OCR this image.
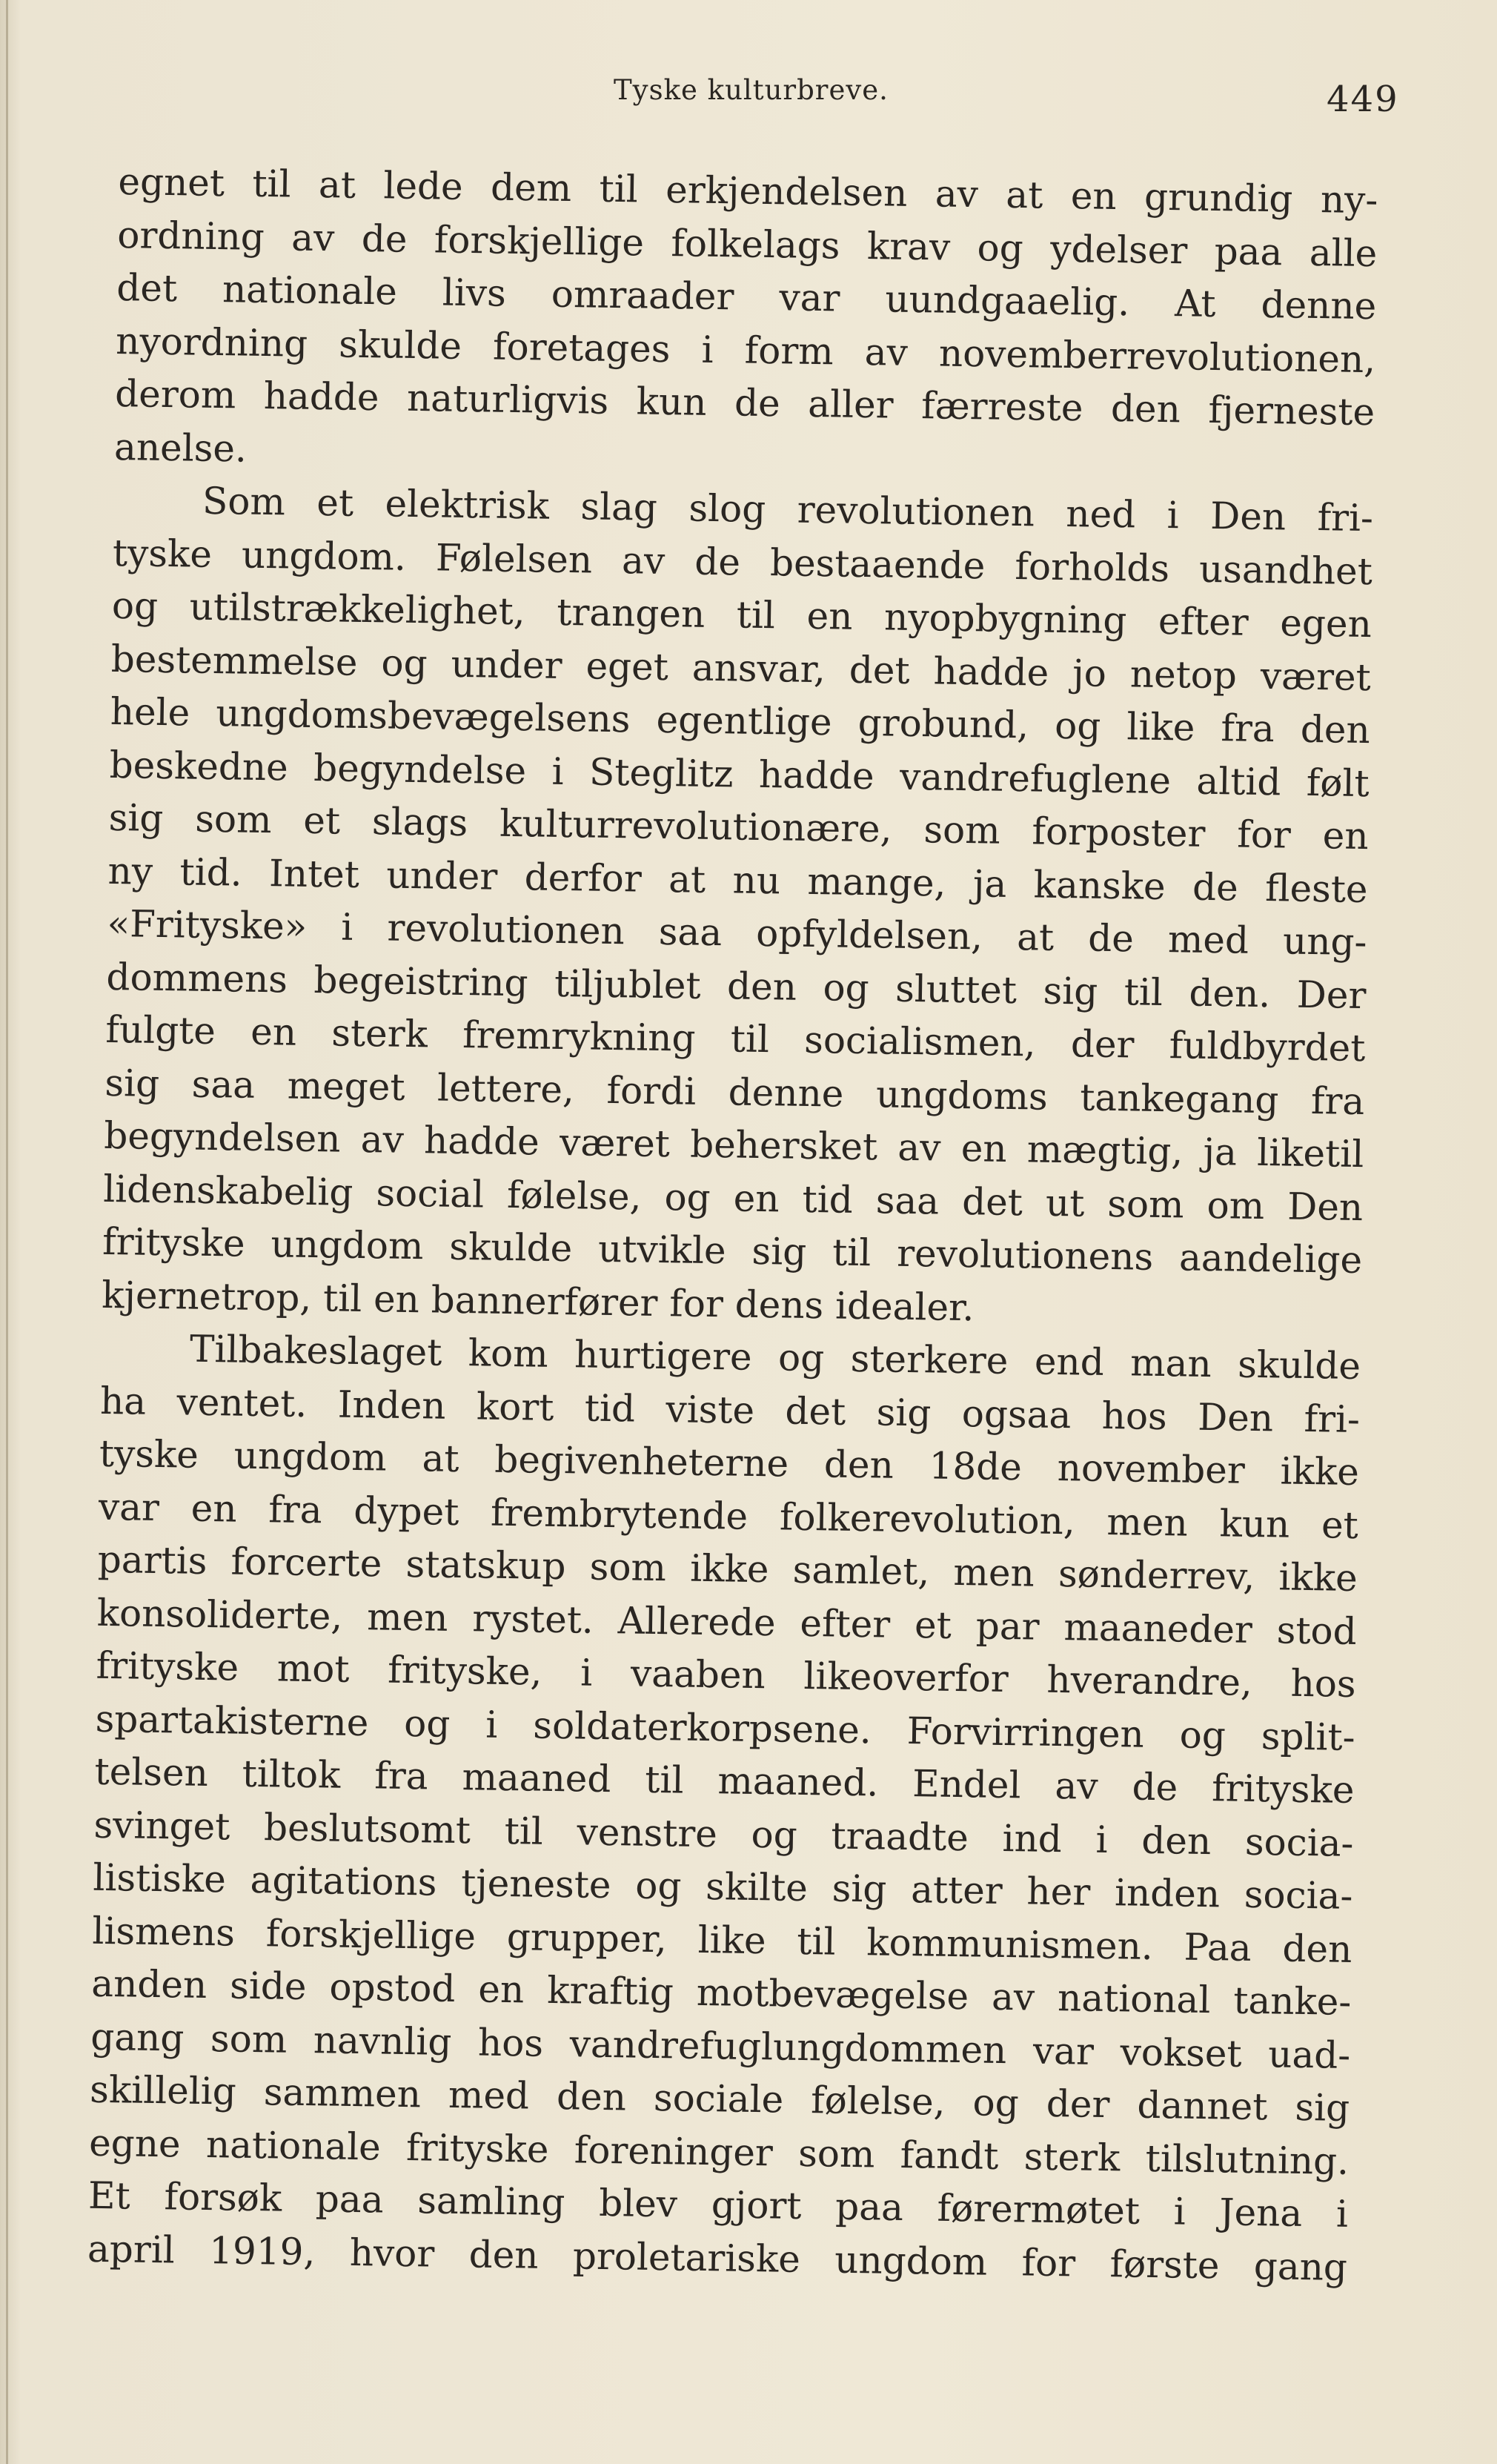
Tyske kulturbreve.	449
egnet til at lede dem til erkjendelsen av at en grundig ny-
ordning av de forskjellige folkelags krav og ydelser paa alle
det nationale livs omraader var uundgaaelig. At denne
nyordning skulde foretages i form av novemberrevolutionen,
derom hadde naturligvis kun de aller færreste den fjerneste
anelse.
Som et elektrisk slag slog revolutionen ned i Den fri-
tyske ungdom. Følelsen av de bestaaende forholds usandhet
og utilstrækkelighet, trangen til en nyopbygning efter egen
bestemmelse og under eget ansvar, det hadde jo netop været
hele ungdomsbevægelsens egentlige grobund, og like fra den
beskedne begyndelse i Steglitz hadde vandrefuglene altid følt
sig som et slags kulturrevolutionære, som forposter for en
ny tid. Intet under derfor at nu mange, ja kanske de fleste
«Frityske» i revolutionen saa opfyldelsen, at de med ung-
dommens begeistring tiljublet den og sluttet sig til den. Der
fulgte en sterk fremrykning til socialismen, der fuldbyrdet
sig saa meget lettere, fordi denne ungdoms tankegang fra
begyndelsen av hadde været behersket av en mægtig, ja liketil
lidenskabelig social følelse, og en tid saa det ut som om Den
frityske ungdom skulde utvikle sig til revolutionens aandelige
kjernetrop, til en bannerfører for dens idealer.
Tilbakeslaget kom hurtigere og sterkere end man skulde
ha ventet. Inden kort tid viste det sig ogsaa hos Den fri-
tyske ungdom at begivenheterne den 18de november ikke
var en fra dypet frembrytende folkerevolution, men kun et
partis forcerte statskup som ikke samlet, men sønderrev, ikke
konsoliderte, men rystet. Allerede efter et par maaneder stod
frityske mot frityske, i vaaben likeoverfor hverandre, hos
spartakisterne og i soldaterkorpsene. Forvirringen og split-
telsen tiltok fra maaned til maaned. Endel av de frityske
svinget beslutsomt til venstre og traadte ind i den socia-
listiske agitations tjeneste og skilte sig atter her inden socia-
lismens forskjellige grupper, like til kommunismen. Paa den
anden side opstod en kraftig motbevægelse av national tanke-
gang som navnlig hos vandrefuglungdommen var vokset uad-
skillelig sammen med den sociale følelse, og der dannet sig
egne nationale frityske foreninger som fandt sterk tilslutning.
Et forsøk paa samling blev gjort paa førermøtet i Jena i
april 1919, hvor den proletariske ungdom for første gang
